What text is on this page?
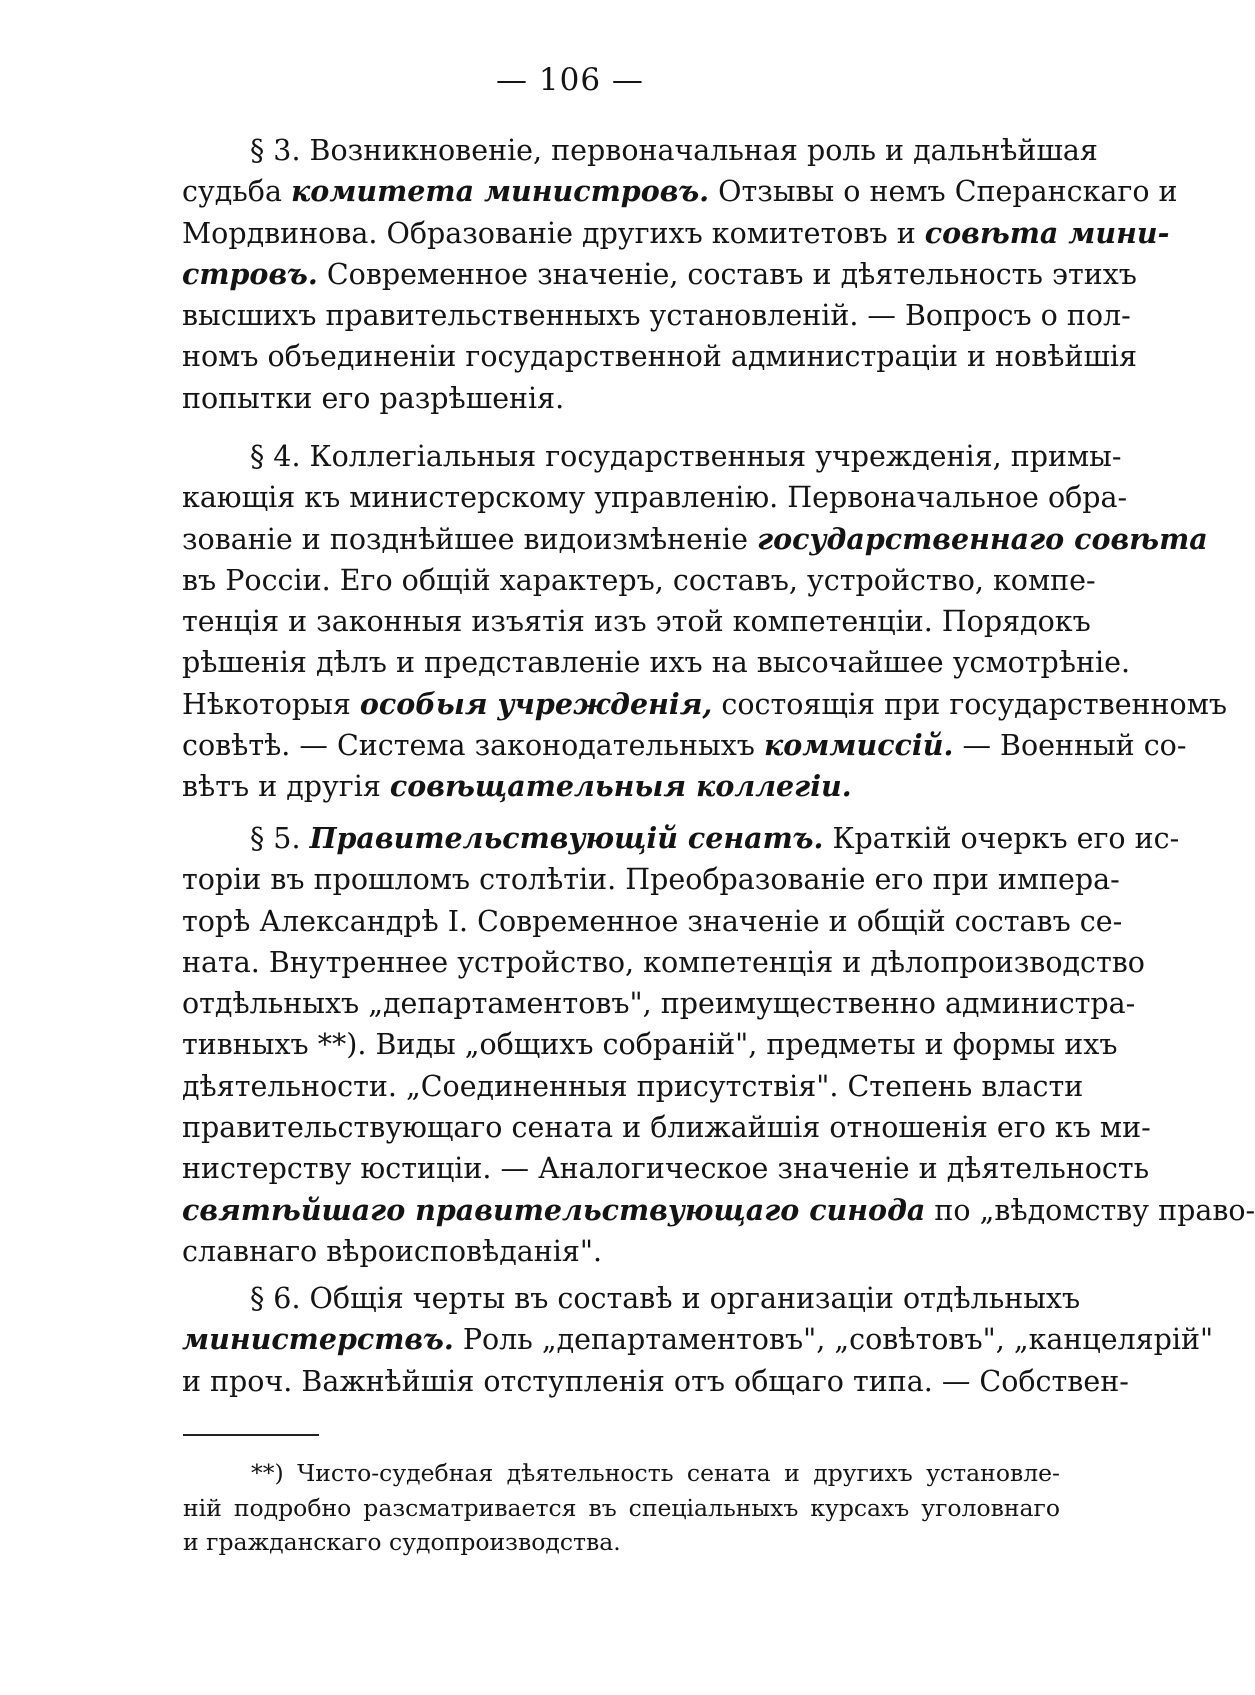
— 106 —
§ 3. Возникновеніе, первоначальная роль и дальнѣйшая
судьба комитета министровъ. Отзывы о немъ Сперанскаго и
Мордвинова. Образованіе другихъ комитетовъ и совѣта мини-
стровъ. Современное значеніе, составъ и дѣятельность этихъ
высшихъ правительственныхъ установленій. — Вопросъ о пол-
номъ объединеніи государственной администраціи и новѣйшія
попытки его разрѣшенія.
§ 4. Коллегіальныя государственныя учрежденія, примы-
кающія къ министерскому управленію. Первоначальное обра-
зованіе и позднѣйшее видоизмѣненіе государственнаго совѣта
въ Россіи. Его общій характеръ, составъ, устройство, компе-
тенція и законныя изъятія изъ этой компетенціи. Порядокъ
рѣшенія дѣлъ и представленіе ихъ на высочайшее усмотрѣніе.
Нѣкоторыя особыя учрежденія, состоящія при государственномъ
совѣтѣ. — Система законодательныхъ коммиссій. — Военный со-
вѣтъ и другія совѣщательныя коллегіи.
§ 5. Правительствующій сенатъ. Краткій очеркъ его ис-
торіи въ прошломъ столѣтіи. Преобразованіе его при импера-
торѣ Александрѣ I. Современное значеніе и общій составъ се-
ната. Внутреннее устройство, компетенція и дѣлопроизводство
отдѣльныхъ „департаментовъ", преимущественно администра-
тивныхъ **). Виды „общихъ собраній", предметы и формы ихъ
дѣятельности. „Соединенныя присутствія". Степень власти
правительствующаго сената и ближайшія отношенія его къ ми-
нистерству юстиціи. — Аналогическое значеніе и дѣятельность
святѣйшаго правительствующаго синода по „вѣдомству право-
славнаго вѣроисповѣданія".
§ 6. Общія черты въ составѣ и организаціи отдѣльныхъ
министерствъ. Роль „департаментовъ", „совѣтовъ", „канцелярій"
и проч. Важнѣйшія отступленія отъ общаго типа. — Собствен-
**) Чисто-судебная дѣятельность сената и другихъ установле-
ній подробно разсматривается въ спеціальныхъ курсахъ уголовнаго
и гражданскаго судопроизводства.
